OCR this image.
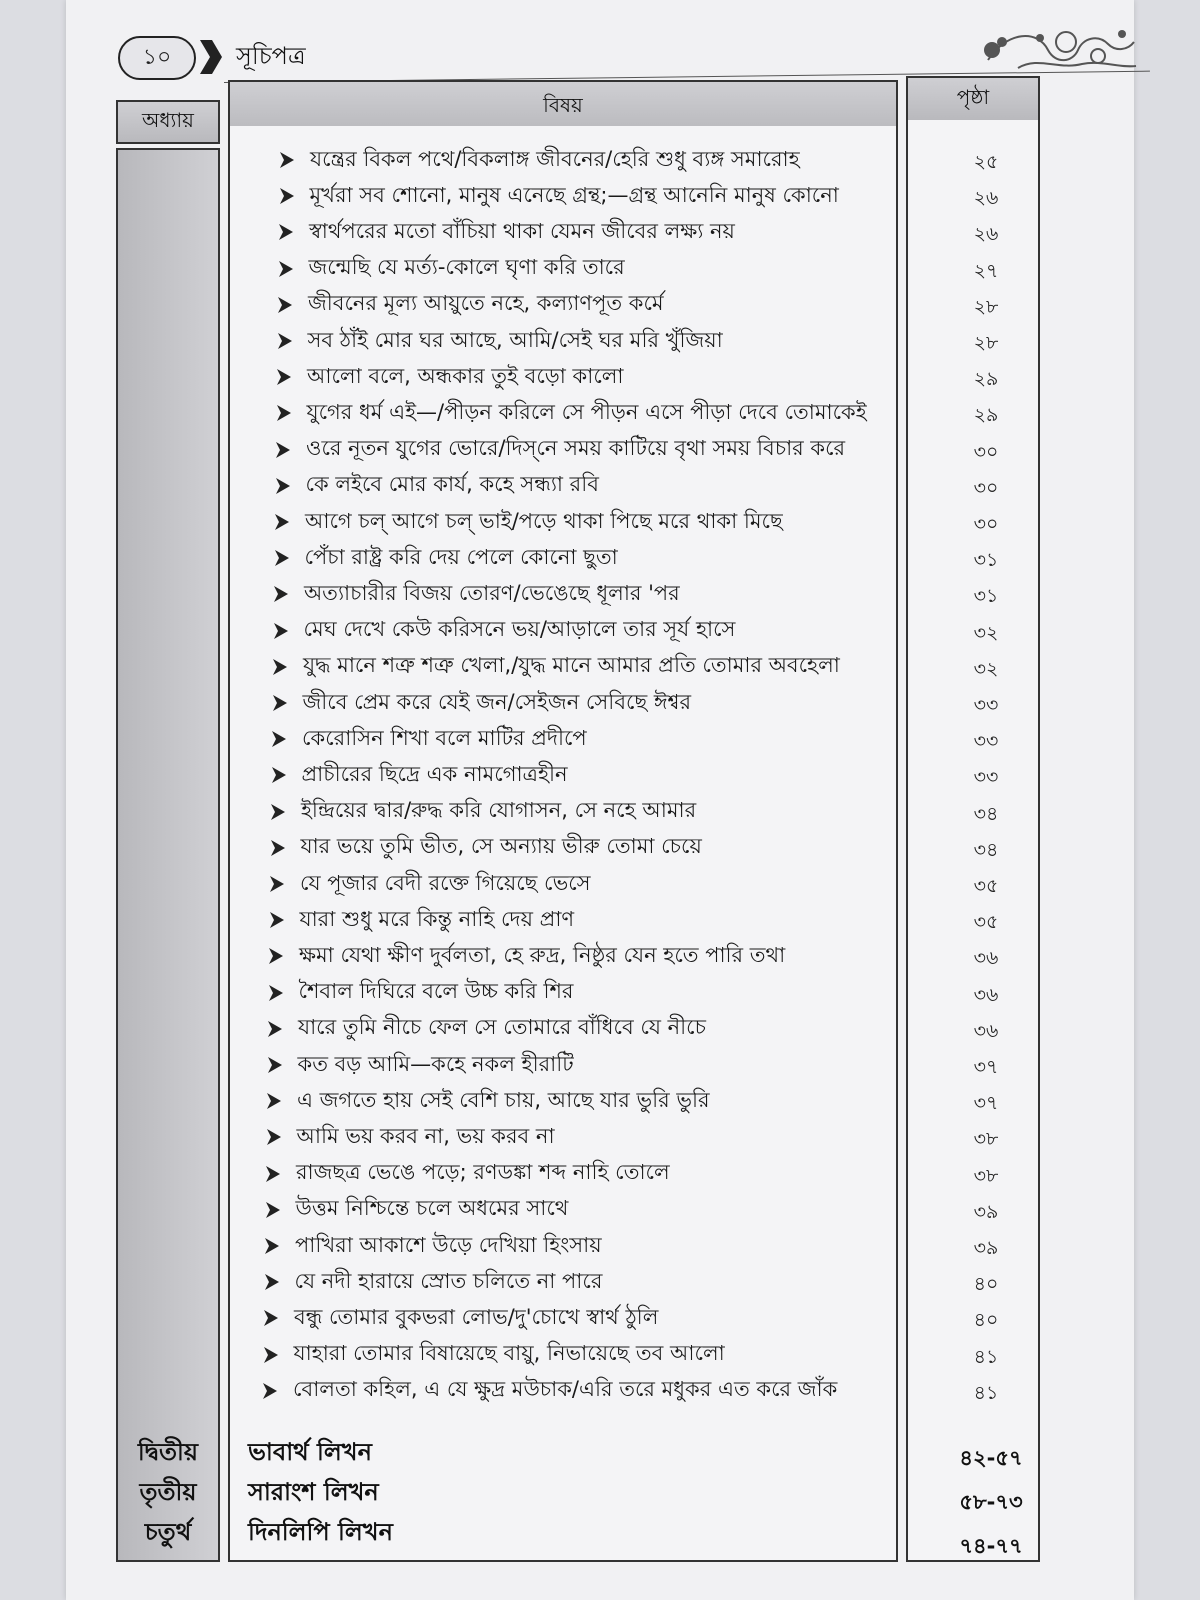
১০	সূচিপত্র
অধ্যায়
বিষয়	পৃষ্ঠা
যন্ত্রের বিকল পথে/বিকলাঙ্গ জীবনের/হেরি শুধু ব্যঙ্গ সমারোহ	২৫
মূর্খরা সব শোনো, মানুষ এনেছে গ্রন্থ;—গ্রন্থ আনেনি মানুষ কোনো	২৬
স্বার্থপরের মতো বাঁচিয়া থাকা যেমন জীবের লক্ষ্য নয়	২৬
জন্মেছি যে মর্ত্য-কোলে ঘৃণা করি তারে	২৭
জীবনের মূল্য আয়ুতে নহে, কল্যাণপূত কর্মে	২৮
সব ঠাঁই মোর ঘর আছে, আমি/সেই ঘর মরি খুঁজিয়া	২৮
আলো বলে, অন্ধকার তুই বড়ো কালো	২৯
যুগের ধর্ম এই—/পীড়ন করিলে সে পীড়ন এসে পীড়া দেবে তোমাকেই	২৯
ওরে নূতন যুগের ভোরে/দিস্‌নে সময় কাটিয়ে বৃথা সময় বিচার করে	৩০
কে লইবে মোর কার্য, কহে সন্ধ্যা রবি	৩০
আগে চল্‌ আগে চল্‌ ভাই/পড়ে থাকা পিছে মরে থাকা মিছে	৩০
পেঁচা রাষ্ট্র করি দেয় পেলে কোনো ছুতা	৩১
অত্যাচারীর বিজয় তোরণ/ভেঙেছে ধূলার 'পর	৩১
মেঘ দেখে কেউ করিসনে ভয়/আড়ালে তার সূর্য হাসে	৩২
যুদ্ধ মানে শত্রু শত্রু খেলা,/যুদ্ধ মানে আমার প্রতি তোমার অবহেলা	৩২
জীবে প্রেম করে যেই জন/সেইজন সেবিছে ঈশ্বর	৩৩
কেরোসিন শিখা বলে মাটির প্রদীপে	৩৩
প্রাচীরের ছিদ্রে এক নামগোত্রহীন	৩৩
ইন্দ্রিয়ের দ্বার/রুদ্ধ করি যোগাসন, সে নহে আমার	৩৪
যার ভয়ে তুমি ভীত, সে অন্যায় ভীরু তোমা চেয়ে	৩৪
যে পূজার বেদী রক্তে গিয়েছে ভেসে	৩৫
যারা শুধু মরে কিন্তু নাহি দেয় প্রাণ	৩৫
ক্ষমা যেথা ক্ষীণ দুর্বলতা, হে রুদ্র, নিষ্ঠুর যেন হতে পারি তথা	৩৬
শৈবাল দিঘিরে বলে উচ্চ করি শির	৩৬
যারে তুমি নীচে ফেল সে তোমারে বাঁধিবে যে নীচে	৩৬
কত বড় আমি—কহে নকল হীরাটি	৩৭
এ জগতে হায় সেই বেশি চায়, আছে যার ভুরি ভুরি	৩৭
আমি ভয় করব না, ভয় করব না	৩৮
রাজছত্র ভেঙে পড়ে; রণডঙ্কা শব্দ নাহি তোলে	৩৮
উত্তম নিশ্চিন্তে চলে অধমের সাথে	৩৯
পাখিরা আকাশে উড়ে দেখিয়া হিংসায়	৩৯
যে নদী হারায়ে স্রোত চলিতে না পারে	৪০
বন্ধু তোমার বুকভরা লোভ/দু'চোখে স্বার্থ ঠুলি	৪০
যাহারা তোমার বিষায়েছে বায়ু, নিভায়েছে তব আলো	৪১
বোলতা কহিল, এ যে ক্ষুদ্র মউচাক/এরি তরে মধুকর এত করে জাঁক	৪১
দ্বিতীয়	ভাবার্থ লিখন	৪২-৫৭
তৃতীয়	সারাংশ লিখন	৫৮-৭৩
চতুর্থ	দিনলিপি লিখন	৭৪-৭৭
